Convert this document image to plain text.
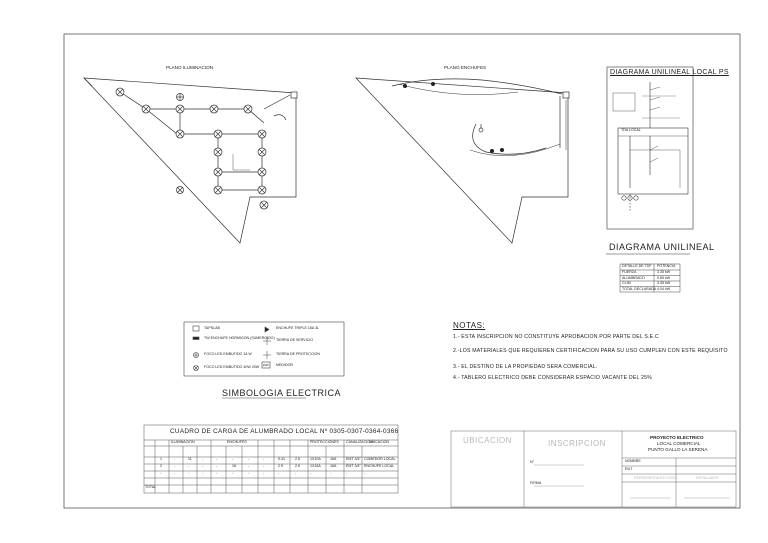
PLANO ILUMINACION	PLANO ENCHUFES
DIAGRAMA UNILINEAL LOCAL PS
TDA LOCAL
DIAGRAMA UNILINEAL
DETALLE DE TDF POTENCIA
FUERZA	3.35 kW
ALUMBRADO	0.69 kW
CLIM	3.35 kW
TOTAL DECLARADA 4.04 kW
TAPSLAB
TW ENCHUFE HORMIGON (SUMERGIDO)
FOCO LED EMBUTIDO 18 W
FOCO LED EMBUTIDO 40W 20W
ENCHUFE TRIPLE 16A 3L
TIERRA DE SERVICIO
TIERRA DE PROTECCION
MEDIDOR
kWh
SIMBOLOGIA ELECTRICA
NOTAS:
1.- ESTA INSCRIPCION NO CONSTITUYE APROBACION POR PARTE DEL S.E.C
2.-LOS MATERIALES QUE REQUIEREN CERTIFICACION PARA SU USO CUMPLEN CON ESTE REQUISITO
3.- EL DESTINO DE LA PROPIEDAD SERA COMERCIAL.
4.- TABLERO ELECTRICO DEBE CONSIDERAR ESPACIO VACANTE DEL 25%
CUADRO DE CARGA DE ALUMBRADO LOCAL Nº 0305-0307-0364-0366
ILUMINACION	ENCHUFES	PROTECCIONES CANALIZACION
UBICACION
1	-	11	-	-	-	-	-	0.41	2.5	1X10A	16A	EMT 3/4" COMEDOR LOCAL
2	-	-	-	-	16	-	-	2.9	2.5	1X16A	16A	EMT 3/4" ENCHUFE LOCAL
-	-	-	-	-	-	-	-	-	-	-	-	-	-
TOTAL
UBICACION	INSCRIPCION
PROYECTO ELECTRICO
LOCAL COMERCIAL
PUNTO GALLO LA SERENA
N°
FIRMA
NOMBRE
RUT
REPRESENTANTE LEGAL	INSTALADOR
